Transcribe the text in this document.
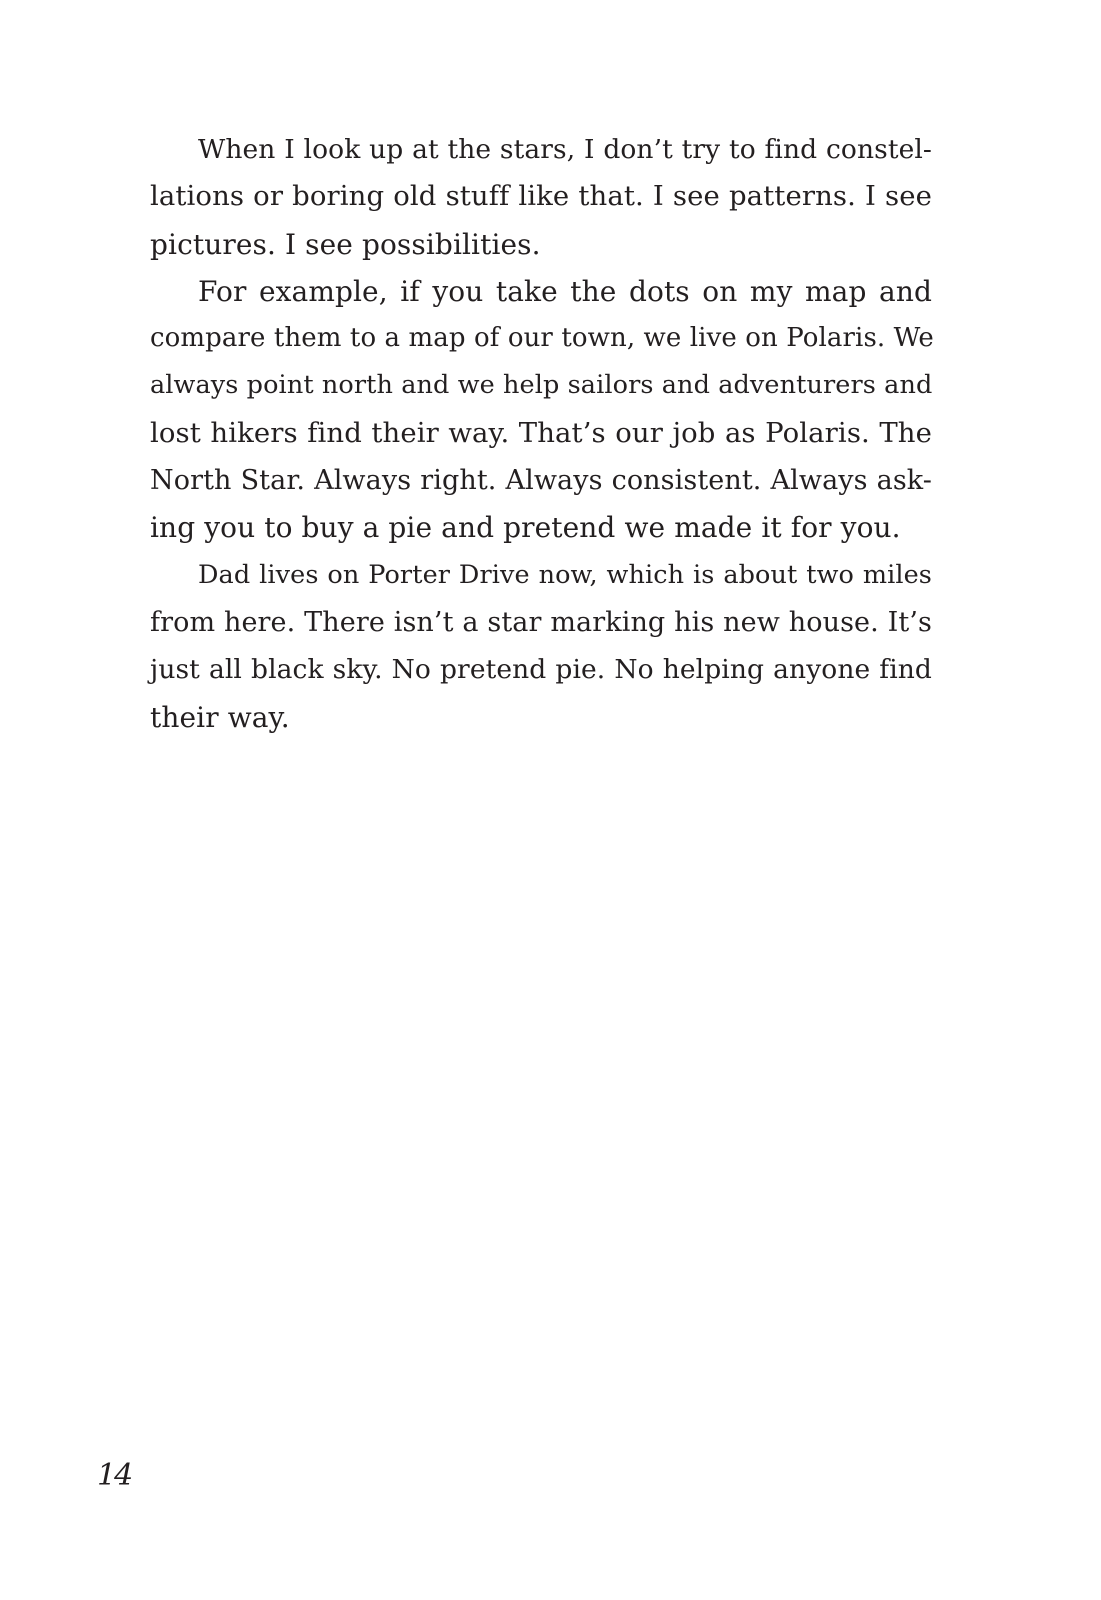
When I look up at the stars, I don’t try to find constel-
lations or boring old stuff like that. I see patterns. I see
pictures. I see possibilities.
For example, if you take the dots on my map and
compare them to a map of our town, we live on Polaris. We
always point north and we help sailors and adventurers and
lost hikers find their way. That’s our job as Polaris. The
North Star. Always right. Always consistent. Always ask-
ing you to buy a pie and pretend we made it for you.
Dad lives on Porter Drive now, which is about two miles
from here. There isn’t a star marking his new house. It’s
just all black sky. No pretend pie. No helping anyone find
their way.
14
